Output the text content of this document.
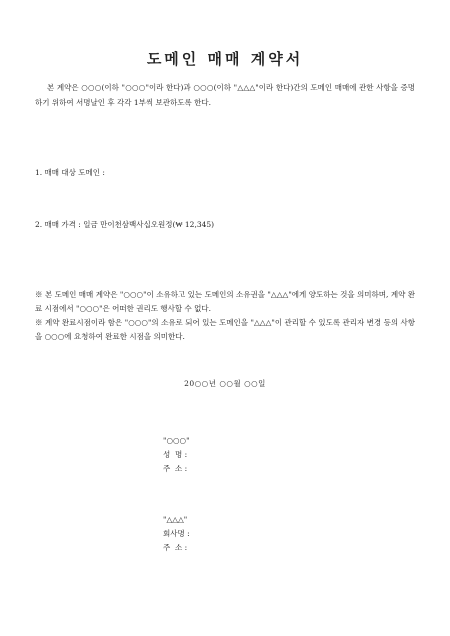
도메인 매매 계약서

본 계약은 ○○○(이하 "○○○"이라 한다)과 ○○○(이하 "△△△"이라 한다)간의 도메인 매매에 관한 사항을 증명하기 위하여 서명날인 후 각각 1부씩 보관하도록 한다.

1. 매매 대상 도메인 :
2. 매매 가격 : 일금 만이천삼백사십오원정(₩ 12,345)

※ 본 도메인 매매 계약은 "○○○"이 소유하고 있는 도메인의 소유권을 "△△△"에게 양도하는 것을 의미하며, 계약 완료 시점에서 "○○○"은 어떠한 권리도 행사할 수 없다.

※ 계약 완료시점이라 함은 "○○○"의 소유로 되어 있는 도메인을 "△△△"이 관리할 수 있도록 관리자 변경 등의 사항을 ○○○에 요청하여 완료한 시점을 의미한다.

20○○년 ○○월 ○○일
"○○○"
성  명 :
주  소 :
"△△△"
회사명 :
주  소 :
